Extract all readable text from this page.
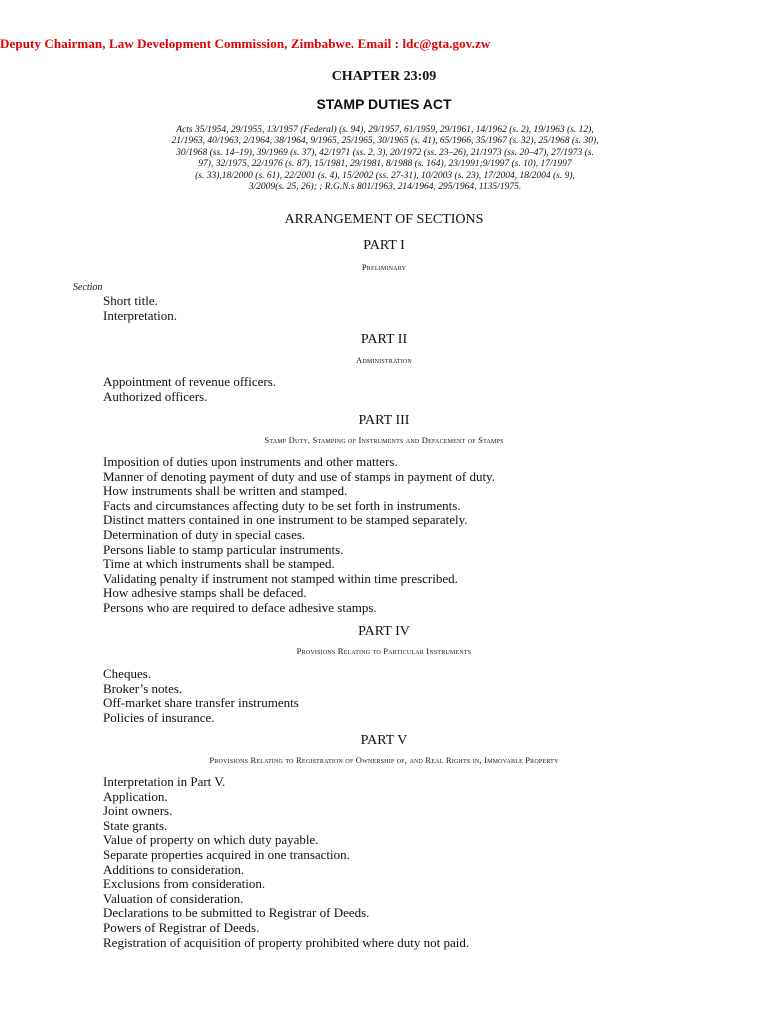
Deputy Chairman, Law Development Commission, Zimbabwe. Email : ldc@gta.gov.zw
CHAPTER 23:09
STAMP DUTIES ACT
Acts 35/1954, 29/1955, 13/1957 (Federal) (s. 94), 29/1957, 61/1959, 29/1961, 14/1962 (s. 2), 19/1963 (s. 12),
21/1963, 40/1963, 2/1964, 38/1964, 9/1965, 25/1965, 30/1965 (s. 41), 65/1966, 35/1967 (s. 32), 25/1968 (s. 30),
30/1968 (ss. 14–19), 39/1969 (s. 37), 42/1971 (ss. 2, 3), 20/1972 (ss. 23–26), 21/1973 (ss. 20–47), 27/1973 (s.
97), 32/1975, 22/1976 (s. 87), 15/1981, 29/1981, 8/1988 (s. 164), 23/1991;9/1997 (s. 10), 17/1997
(s. 33),18/2000 (s. 61), 22/2001 (s. 4), 15/2002 (ss. 27-31), 10/2003 (s. 23), 17/2004, 18/2004 (s. 9),
3/2009(s. 25, 26); ; R.G.N.s 801/1963, 214/1964, 295/1964, 1135/1975.
ARRANGEMENT OF SECTIONS
PART I
Preliminary
Section
Short title.
Interpretation.
PART II
Administration
Appointment of revenue officers.
Authorized officers.
PART III
Stamp Duty, Stamping of Instruments and Defacement of Stamps
Imposition of duties upon instruments and other matters.
Manner of denoting payment of duty and use of stamps in payment of duty.
How instruments shall be written and stamped.
Facts and circumstances affecting duty to be set forth in instruments.
Distinct matters contained in one instrument to be stamped separately.
Determination of duty in special cases.
Persons liable to stamp particular instruments.
Time at which instruments shall be stamped.
Validating penalty if instrument not stamped within time prescribed.
How adhesive stamps shall be defaced.
Persons who are required to deface adhesive stamps.
PART IV
Provisions Relating to Particular Instruments
Cheques.
Broker’s notes.
Off-market share transfer instruments
Policies of insurance.
PART V
Provisions Relating to Registration of Ownership of, and Real Rights in, Immovable Property
Interpretation in Part V.
Application.
Joint owners.
State grants.
Value of property on which duty payable.
Separate properties acquired in one transaction.
Additions to consideration.
Exclusions from consideration.
Valuation of consideration.
Declarations to be submitted to Registrar of Deeds.
Powers of Registrar of Deeds.
Registration of acquisition of property prohibited where duty not paid.
